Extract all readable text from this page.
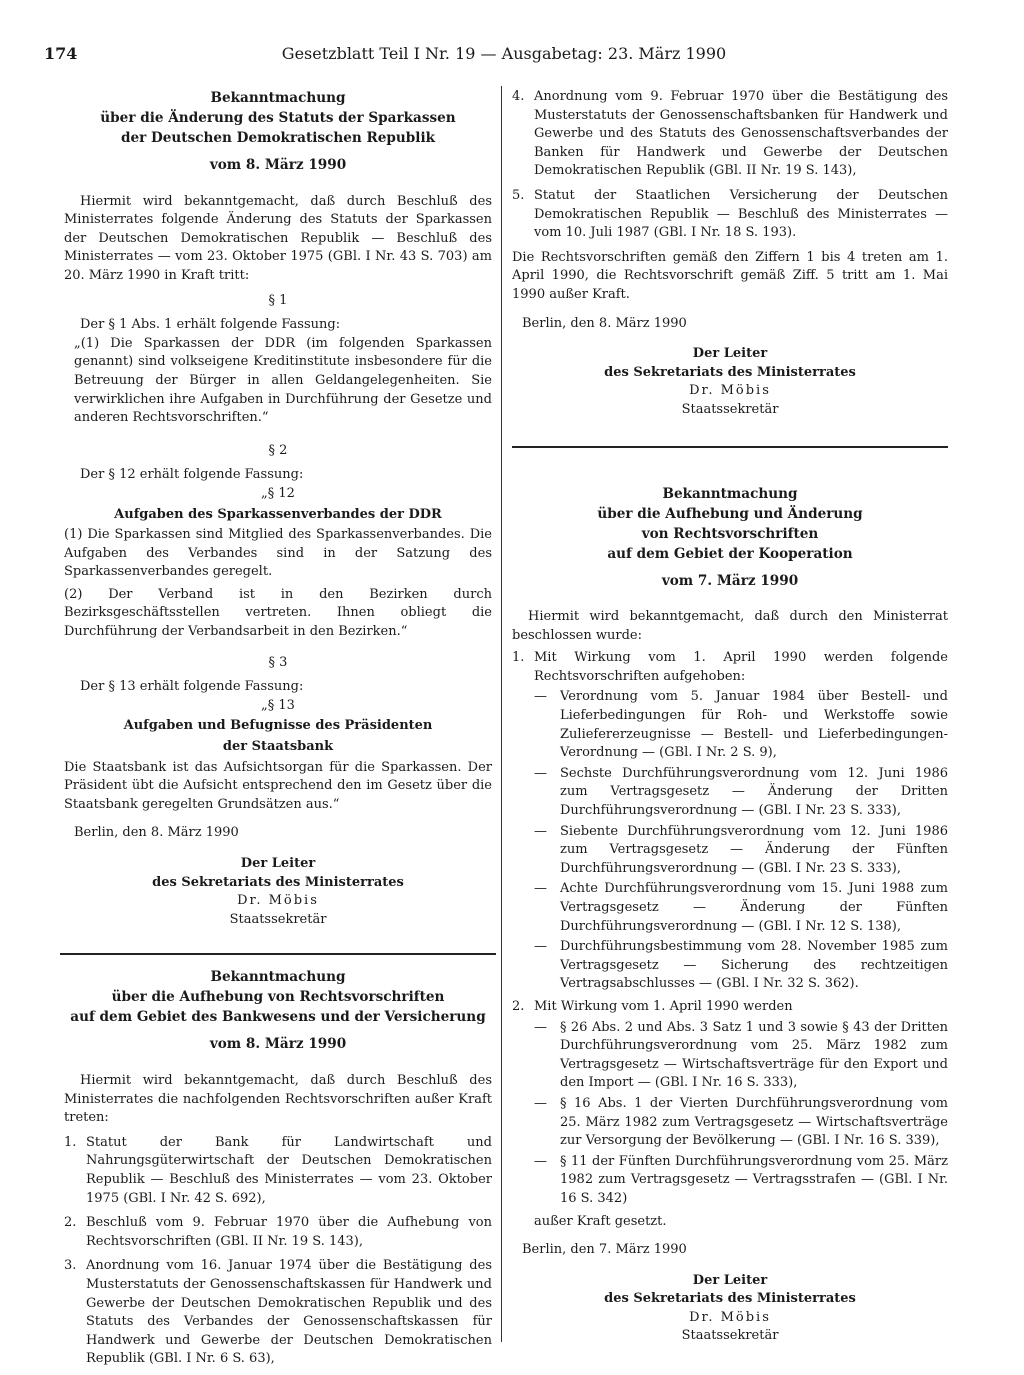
174	Gesetzblatt Teil I Nr. 19 — Ausgabetag: 23. März 1990
Bekanntmachung
über die Änderung des Statuts der Sparkassen
der Deutschen Demokratischen Republik
vom 8. März 1990

Hiermit wird bekanntgemacht, daß durch Beschluß des Ministerrates folgende Änderung des Statuts der Sparkassen der Deutschen Demokratischen Republik — Beschluß des Ministerrates — vom 23. Oktober 1975 (GBl. I Nr. 43 S. 703) am 20. März 1990 in Kraft tritt:

§ 1

Der § 1 Abs. 1 erhält folgende Fassung:

„(1) Die Sparkassen der DDR (im folgenden Sparkassen genannt) sind volkseigene Kreditinstitute insbesondere für die Betreuung der Bürger in allen Geldangelegenheiten. Sie verwirklichen ihre Aufgaben in Durchführung der Gesetze und anderen Rechtsvorschriften.“

§ 2

Der § 12 erhält folgende Fassung:

„§ 12
Aufgaben des Sparkassenverbandes der DDR

(1) Die Sparkassen sind Mitglied des Sparkassenverbandes. Die Aufgaben des Verbandes sind in der Satzung des Sparkassenverbandes geregelt.

(2) Der Verband ist in den Bezirken durch Bezirksgeschäftsstellen vertreten. Ihnen obliegt die Durchführung der Verbandsarbeit in den Bezirken.“

§ 3

Der § 13 erhält folgende Fassung:

„§ 13
Aufgaben und Befugnisse des Präsidenten
der Staatsbank

Die Staatsbank ist das Aufsichtsorgan für die Sparkassen. Der Präsident übt die Aufsicht entsprechend den im Gesetz über die Staatsbank geregelten Grundsätzen aus.“

Berlin, den 8. März 1990
Der Leiter
des Sekretariats des Ministerrates
Dr. Möbis
Staatssekretär
Bekanntmachung
über die Aufhebung von Rechtsvorschriften
auf dem Gebiet des Bankwesens und der Versicherung
vom 8. März 1990

Hiermit wird bekanntgemacht, daß durch Beschluß des Ministerrates die nachfolgenden Rechtsvorschriften außer Kraft treten:

1. Statut der Bank für Landwirtschaft und Nahrungsgüterwirtschaft der Deutschen Demokratischen Republik — Beschluß des Ministerrates — vom 23. Oktober 1975 (GBl. I Nr. 42 S. 692),
2. Beschluß vom 9. Februar 1970 über die Aufhebung von Rechtsvorschriften (GBl. II Nr. 19 S. 143),
3. Anordnung vom 16. Januar 1974 über die Bestätigung des Musterstatuts der Genossenschaftskassen für Handwerk und Gewerbe der Deutschen Demokratischen Republik und des Statuts des Verbandes der Genossenschaftskassen für Handwerk und Gewerbe der Deutschen Demokratischen Republik (GBl. I Nr. 6 S. 63),
4. Anordnung vom 9. Februar 1970 über die Bestätigung des Musterstatuts der Genossenschaftsbanken für Handwerk und Gewerbe und des Statuts des Genossenschaftsverbandes der Banken für Handwerk und Gewerbe der Deutschen Demokratischen Republik (GBl. II Nr. 19 S. 143),
5. Statut der Staatlichen Versicherung der Deutschen Demokratischen Republik — Beschluß des Ministerrates — vom 10. Juli 1987 (GBl. I Nr. 18 S. 193).

Die Rechtsvorschriften gemäß den Ziffern 1 bis 4 treten am 1. April 1990, die Rechtsvorschrift gemäß Ziff. 5 tritt am 1. Mai 1990 außer Kraft.

Berlin, den 8. März 1990
Der Leiter
des Sekretariats des Ministerrates
Dr. Möbis
Staatssekretär
Bekanntmachung
über die Aufhebung und Änderung
von Rechtsvorschriften
auf dem Gebiet der Kooperation
vom 7. März 1990

Hiermit wird bekanntgemacht, daß durch den Ministerrat beschlossen wurde:

1. Mit Wirkung vom 1. April 1990 werden folgende Rechtsvorschriften aufgehoben:
—	Verordnung vom 5. Januar 1984 über Bestell- und Lieferbedingungen für Roh- und Werkstoffe sowie Zuliefererzeugnisse — Bestell- und Lieferbedingungen-Verordnung — (GBl. I Nr. 2 S. 9),
—	Sechste Durchführungsverordnung vom 12. Juni 1986 zum Vertragsgesetz — Änderung der Dritten Durchführungsverordnung — (GBl. I Nr. 23 S. 333),
—	Siebente Durchführungsverordnung vom 12. Juni 1986 zum Vertragsgesetz — Änderung der Fünften Durchführungsverordnung — (GBl. I Nr. 23 S. 333),
—	Achte Durchführungsverordnung vom 15. Juni 1988 zum Vertragsgesetz — Änderung der Fünften Durchführungsverordnung — (GBl. I Nr. 12 S. 138),
—	Durchführungsbestimmung vom 28. November 1985 zum Vertragsgesetz — Sicherung des rechtzeitigen Vertragsabschlusses — (GBl. I Nr. 32 S. 362).
2. Mit Wirkung vom 1. April 1990 werden
—	§ 26 Abs. 2 und Abs. 3 Satz 1 und 3 sowie § 43 der Dritten Durchführungsverordnung vom 25. März 1982 zum Vertragsgesetz — Wirtschaftsverträge für den Export und den Import — (GBl. I Nr. 16 S. 333),
—	§ 16 Abs. 1 der Vierten Durchführungsverordnung vom 25. März 1982 zum Vertragsgesetz — Wirtschaftsverträge zur Versorgung der Bevölkerung — (GBl. I Nr. 16 S. 339),
—	§ 11 der Fünften Durchführungsverordnung vom 25. März 1982 zum Vertragsgesetz — Vertragsstrafen — (GBl. I Nr. 16 S. 342)
außer Kraft gesetzt.
Berlin, den 7. März 1990
Der Leiter
des Sekretariats des Ministerrates
Dr. Möbis
Staatssekretär
